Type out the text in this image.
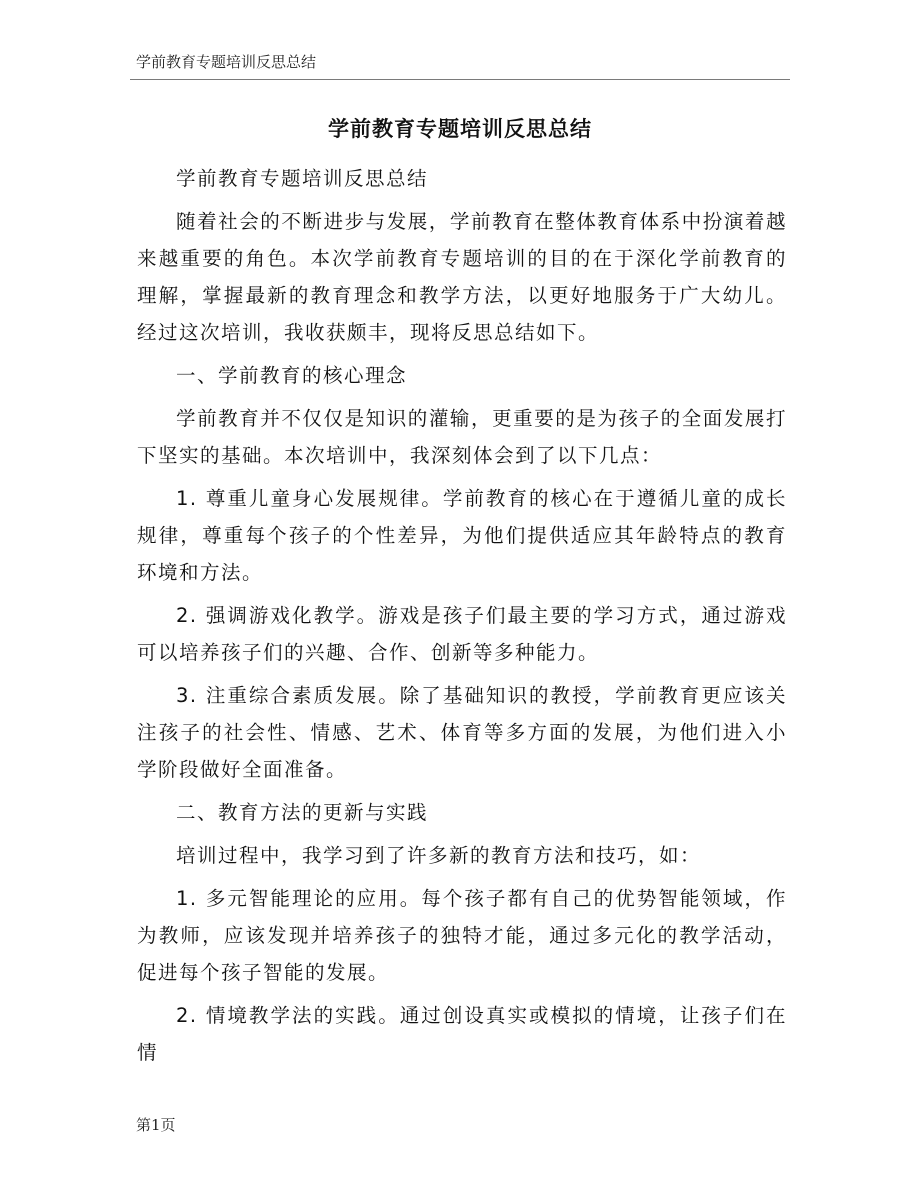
学前教育专题培训反思总结
学前教育专题培训反思总结

学前教育专题培训反思总结

随着社会的不断进步与发展，学前教育在整体教育体系中扮演着越来越重要的角色。本次学前教育专题培训的目的在于深化学前教育的理解，掌握最新的教育理念和教学方法，以更好地服务于广大幼儿。经过这次培训，我收获颇丰，现将反思总结如下。

一、学前教育的核心理念

学前教育并不仅仅是知识的灌输，更重要的是为孩子的全面发展打下坚实的基础。本次培训中，我深刻体会到了以下几点：

1. 尊重儿童身心发展规律。学前教育的核心在于遵循儿童的成长规律，尊重每个孩子的个性差异，为他们提供适应其年龄特点的教育环境和方法。

2. 强调游戏化教学。游戏是孩子们最主要的学习方式，通过游戏可以培养孩子们的兴趣、合作、创新等多种能力。

3. 注重综合素质发展。除了基础知识的教授，学前教育更应该关注孩子的社会性、情感、艺术、体育等多方面的发展，为他们进入小学阶段做好全面准备。

二、教育方法的更新与实践

培训过程中，我学习到了许多新的教育方法和技巧，如：

1. 多元智能理论的应用。每个孩子都有自己的优势智能领域，作为教师，应该发现并培养孩子的独特才能，通过多元化的教学活动，促进每个孩子智能的发展。

2. 情境教学法的实践。通过创设真实或模拟的情境，让孩子们在情

第1页
